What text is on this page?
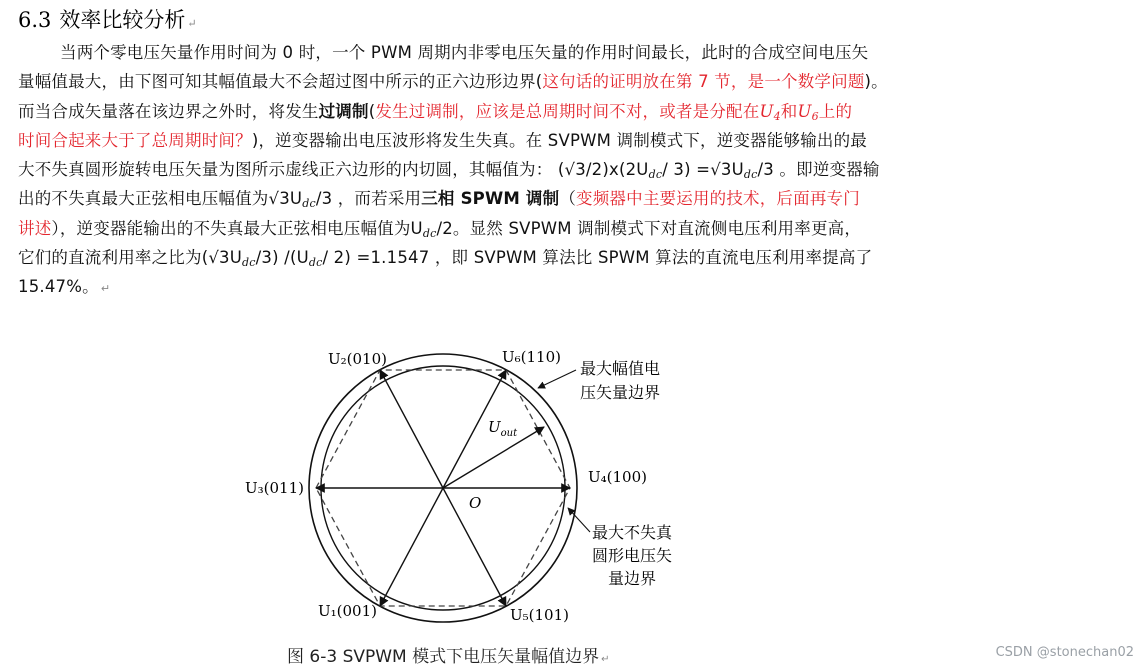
6.3 效率比较分析 ↵
当两个零电压矢量作用时间为 0 时，一个 PWM 周期内非零电压矢量的作用时间最长，此时的合成空间电压矢
量幅值最大，由下图可知其幅值最大不会超过图中所示的正六边形边界(这句话的证明放在第 7 节，是一个数学问题)。
而当合成矢量落在该边界之外时，将发生过调制(发生过调制，应该是总周期时间不对，或者是分配在$U_4$和$U_6$上的
时间合起来大于了总周期时间？)，逆变器输出电压波形将发生失真。在 SVPWM 调制模式下，逆变器能够输出的最
大不失真圆形旋转电压矢量为图所示虚线正六边形的内切圆，其幅值为： $(√3/2)x(2U_{dc}/$ $3) =√3U_{dc}/3$ 。即逆变器输
出的不失真最大正弦相电压幅值为$√3U_{dc}/3$ ，而若采用三相 SPWM 调制（变频器中主要运用的技术，后面再专门
讲述），逆变器能输出的不失真最大正弦相电压幅值为$U_{dc}/2$。显然 SVPWM 调制模式下对直流侧电压利用率更高，
它们的直流利用率之比为$(√3U_{dc}/3)$ $/(U_{dc}/$ 2) =1.1547 ，即 SVPWM 算法比 SPWM 算法的直流电压利用率提高了
15.47%。 ↵
U₂(010)	U₆(110)
U₃(011)
U₄(100)
U₁(001)	U₅(101)
$U_{out}$
O
最大幅值电
压矢量边界
最大不失真
圆形电压矢
量边界
图 6-3 SVPWM 模式下电压矢量幅值边界 ↵	CSDN @stonechan02
